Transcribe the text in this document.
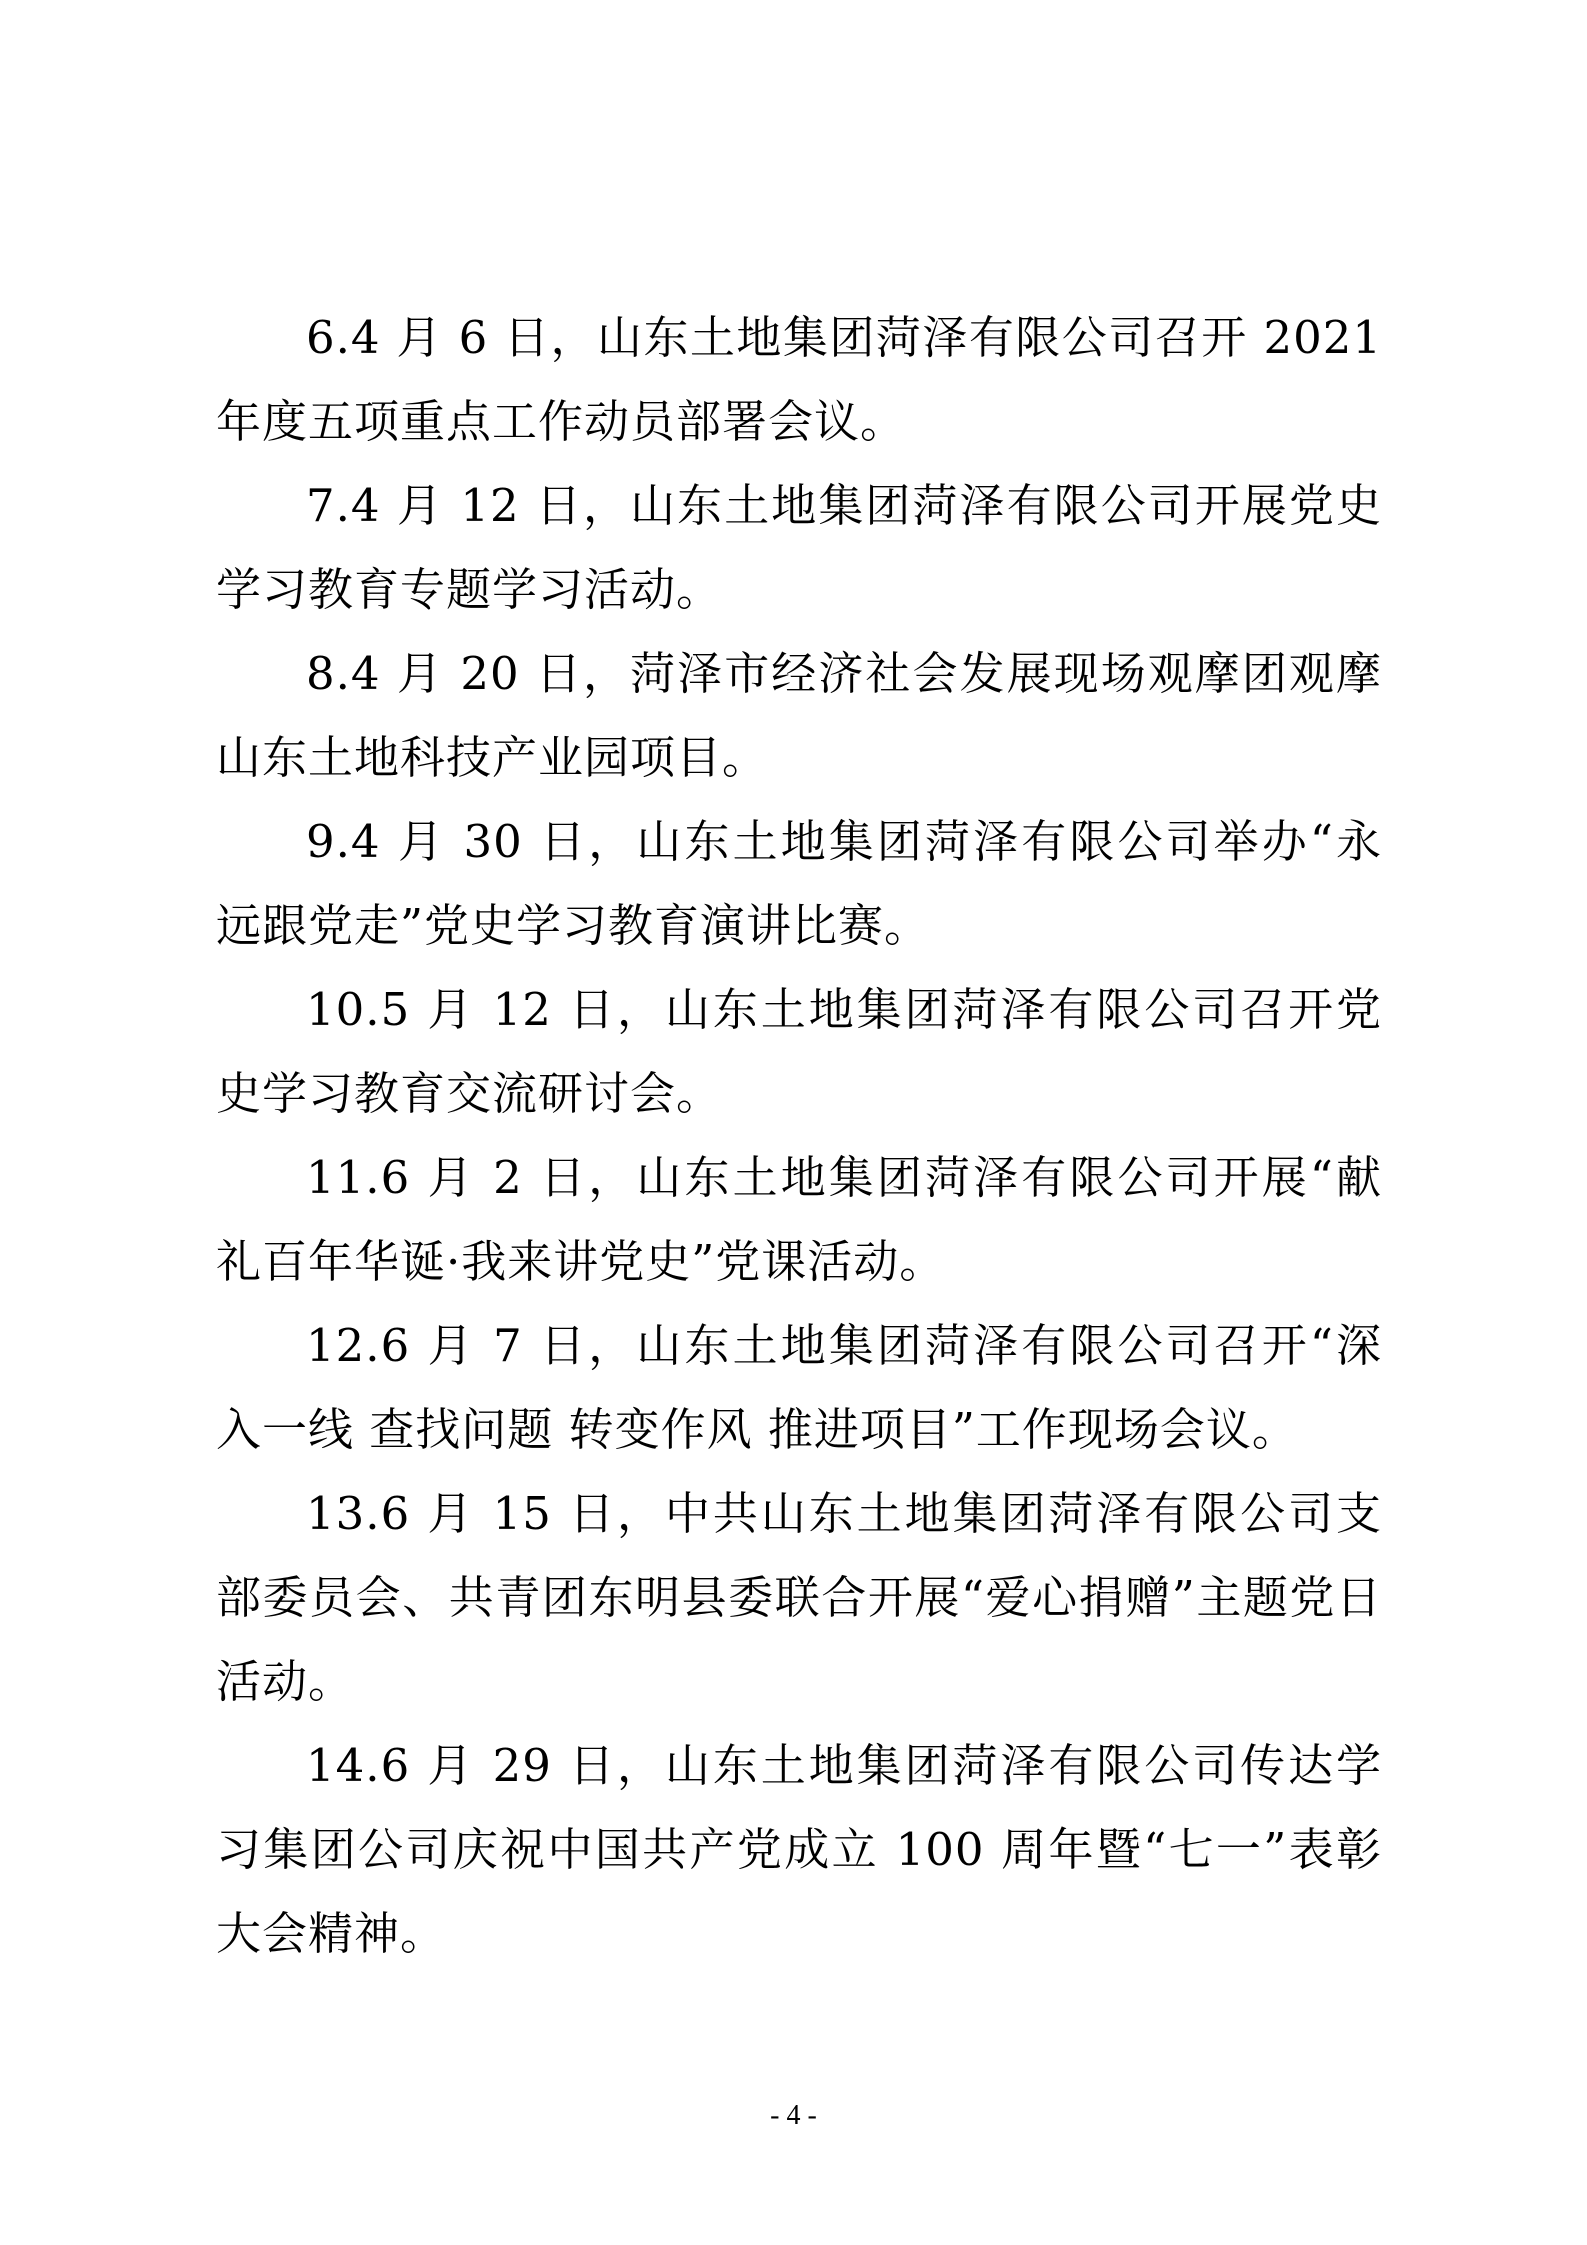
6.4 月 6 日，山东土地集团菏泽有限公司召开 2021 年度五项重点工作动员部署会议。

7.4 月 12 日，山东土地集团菏泽有限公司开展党史学习教育专题学习活动。

8.4 月 20 日，菏泽市经济社会发展现场观摩团观摩山东土地科技产业园项目。

9.4 月 30 日，山东土地集团菏泽有限公司举办“永远跟党走”党史学习教育演讲比赛。

10.5 月 12 日，山东土地集团菏泽有限公司召开党史学习教育交流研讨会。

11.6 月 2 日，山东土地集团菏泽有限公司开展“献礼百年华诞·我来讲党史”党课活动。

12.6 月 7 日，山东土地集团菏泽有限公司召开“深入一线 查找问题 转变作风 推进项目”工作现场会议。

13.6 月 15 日，中共山东土地集团菏泽有限公司支部委员会、共青团东明县委联合开展“爱心捐赠”主题党日活动。

14.6 月 29 日，山东土地集团菏泽有限公司传达学习集团公司庆祝中国共产党成立 100 周年暨“七一”表彰大会精神。

- 4 -
